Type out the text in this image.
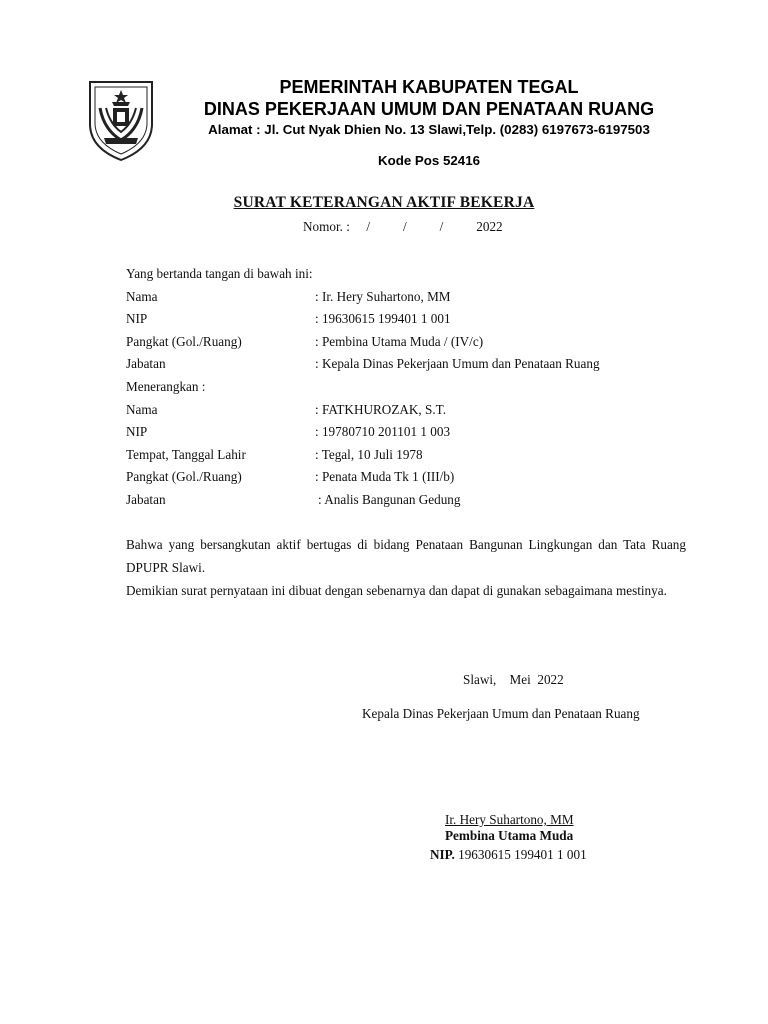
PEMERINTAH KABUPATEN TEGAL
DINAS PEKERJAAN UMUM DAN PENATAAN RUANG
Alamat : Jl. Cut Nyak Dhien No. 13 Slawi,Telp. (0283) 6197673-6197503
Kode Pos 52416
SURAT KETERANGAN AKTIF BEKERJA
Nomor. :     /          /          /          2022
Yang bertanda tangan di bawah ini:
Nama	: Ir. Hery Suhartono, MM
NIP	: 19630615 199401 1 001
Pangkat (Gol./Ruang)	: Pembina Utama Muda / (IV/c)
Jabatan	: Kepala Dinas Pekerjaan Umum dan Penataan Ruang
Menerangkan :
Nama	: FATKHUROZAK, S.T.
NIP	: 19780710 201101 1 003
Tempat, Tanggal Lahir	: Tegal, 10 Juli 1978
Pangkat (Gol./Ruang)	: Penata Muda Tk 1 (III/b)
Jabatan	: Analis Bangunan Gedung
Bahwa yang bersangkutan aktif bertugas di bidang Penataan Bangunan Lingkungan dan Tata Ruang DPUPR Slawi.
Demikian surat pernyataan ini dibuat dengan sebenarnya dan dapat di gunakan sebagaimana mestinya.
Slawi,    Mei  2022
Kepala Dinas Pekerjaan Umum dan Penataan Ruang
Ir. Hery Suhartono, MM
Pembina Utama Muda
NIP. 19630615 199401 1 001
